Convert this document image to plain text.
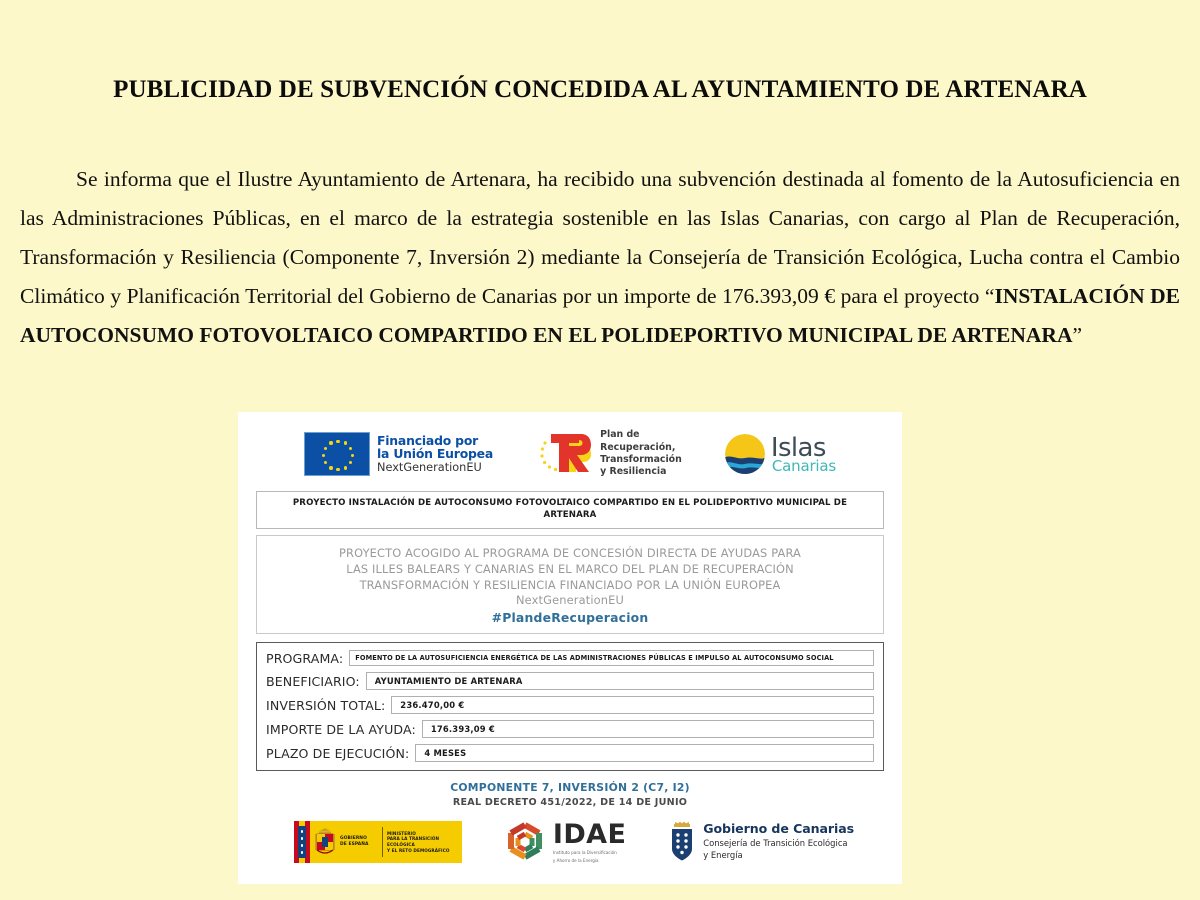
PUBLICIDAD DE SUBVENCIÓN CONCEDIDA AL AYUNTAMIENTO DE ARTENARA
Se informa que el Ilustre Ayuntamiento de Artenara, ha recibido una subvención destinada al fomento de la Autosuficiencia en las Administraciones Públicas, en el marco de la estrategia sostenible en las Islas Canarias, con cargo al Plan de Recuperación, Transformación y Resiliencia (Componente 7, Inversión 2) mediante la Consejería de Transición Ecológica, Lucha contra el Cambio Climático y Planificación Territorial del Gobierno de Canarias por un importe de 176.393,09 € para el proyecto “INSTALACIÓN DE AUTOCONSUMO FOTOVOLTAICO COMPARTIDO EN EL POLIDEPORTIVO MUNICIPAL DE ARTENARA”
Financiado por
la Unión Europea
NextGenerationEU
Plan de
Recuperación,
Transformación
y Resiliencia
Islas
Canarias
PROYECTO INSTALACIÓN DE AUTOCONSUMO FOTOVOLTAICO COMPARTIDO EN EL POLIDEPORTIVO MUNICIPAL DE
ARTENARA
PROYECTO ACOGIDO AL PROGRAMA DE CONCESIÓN DIRECTA DE AYUDAS PARA
LAS ILLES BALEARS Y CANARIAS EN EL MARCO DEL PLAN DE RECUPERACIÓN
TRANSFORMACIÓN Y RESILIENCIA FINANCIADO POR LA UNIÓN EUROPEA
NextGenerationEU
#PlandeRecuperacion
PROGRAMA:	FOMENTO DE LA AUTOSUFICIENCIA ENERGÉTICA DE LAS ADMINISTRACIONES PÚBLICAS E IMPULSO AL AUTOCONSUMO SOCIAL
BENEFICIARIO:	AYUNTAMIENTO DE ARTENARA
INVERSIÓN TOTAL:	236.470,00 €
IMPORTE DE LA AYUDA:	176.393,09 €
PLAZO DE EJECUCIÓN:	4 MESES
COMPONENTE 7, INVERSIÓN 2 (C7, I2)
REAL DECRETO 451/2022, DE 14 DE JUNIO
GOBIERNO
DE ESPAÑA
MINISTERIO
PARA LA TRANSICIÓN ECOLÓGICA
Y EL RETO DEMOGRÁFICO
IDAE
Instituto para la Diversificación
y Ahorro de la Energía
Gobierno de Canarias
Consejería de Transición Ecológica
y Energía
